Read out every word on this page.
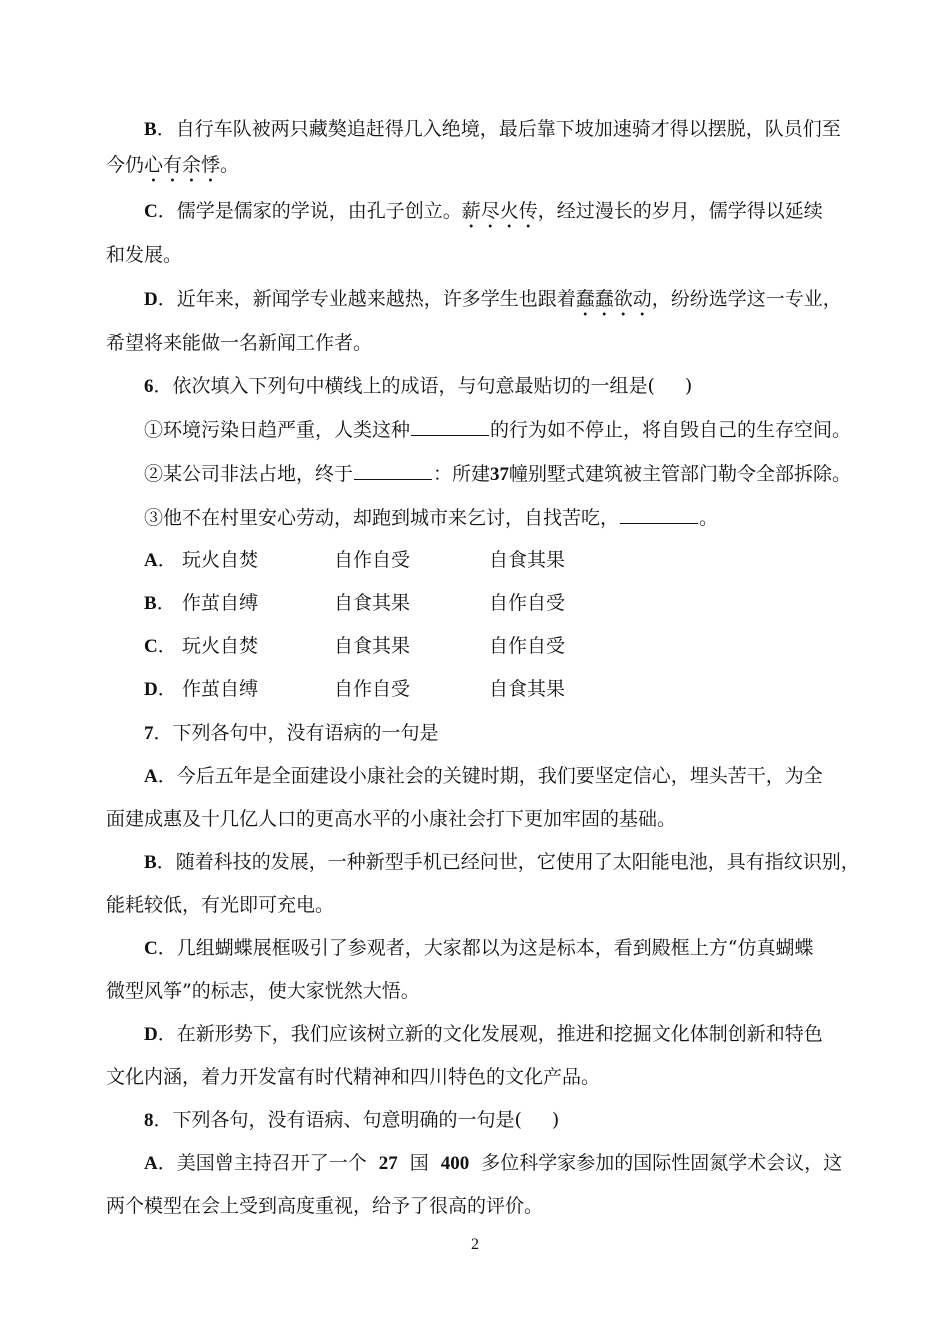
B．自行车队被两只藏獒追赶得几入绝境，最后靠下坡加速骑才得以摆脱，队员们至
今仍心有余悸。
C．儒学是儒家的学说，由孔子创立。薪尽火传，经过漫长的岁月，儒学得以延续
和发展。
D．近年来，新闻学专业越来越热，许多学生也跟着蠢蠢欲动，纷纷选学这一专业，
希望将来能做一名新闻工作者。
6．依次填入下列句中横线上的成语，与句意最贴切的一组是( )
①环境污染日趋严重，人类这种	的行为如不停止，将自毁自己的生存空间。
②某公司非法占地，终于	：所建37幢别墅式建筑被主管部门勒令全部拆除。
③他不在村里安心劳动，却跑到城市来乞讨，自找苦吃，	。
A． 玩火自焚	自作自受	自食其果
B． 作茧自缚	自食其果	自作自受
C． 玩火自焚	自食其果	自作自受
D． 作茧自缚	自作自受	自食其果
7．下列各句中，没有语病的一句是
A．今后五年是全面建设小康社会的关键时期，我们要坚定信心，埋头苦干，为全
面建成惠及十几亿人口的更高水平的小康社会打下更加牢固的基础。
B．随着科技的发展，一种新型手机已经问世，它使用了太阳能电池，具有指纹识别，
能耗较低，有光即可充电。
C．几组蝴蝶展框吸引了参观者，大家都以为这是标本，看到殿框上方“仿真蝴蝶
微型风筝”的标志，使大家恍然大悟。
D．在新形势下，我们应该树立新的文化发展观，推进和挖掘文化体制创新和特色
文化内涵，着力开发富有时代精神和四川特色的文化产品。
8．下列各句，没有语病、句意明确的一句是( )
A．美国曾主持召开了一个 27 国 400 多位科学家参加的国际性固氮学术会议，这
两个模型在会上受到高度重视，给予了很高的评价。
2
